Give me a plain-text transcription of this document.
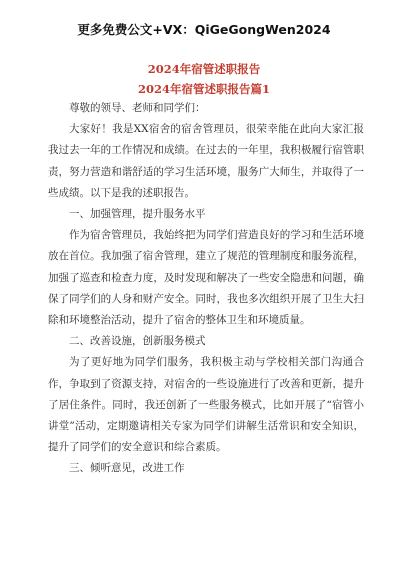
更多免费公文+VX：QiGeGongWen2024
2024年宿管述职报告
2024年宿管述职报告篇1

尊敬的领导、老师和同学们：

大家好！我是XX宿舍的宿舍管理员，很荣幸能在此向大家汇报我过去一年的工作情况和成绩。在过去的一年里，我积极履行宿管职责，努力营造和谐舒适的学习生活环境，服务广大师生，并取得了一些成绩。以下是我的述职报告。

一、加强管理，提升服务水平

作为宿舍管理员，我始终把为同学们营造良好的学习和生活环境放在首位。我加强了宿舍管理，建立了规范的管理制度和服务流程，加强了巡查和检查力度，及时发现和解决了一些安全隐患和问题，确保了同学们的人身和财产安全。同时，我也多次组织开展了卫生大扫除和环境整治活动，提升了宿舍的整体卫生和环境质量。

二、改善设施，创新服务模式

为了更好地为同学们服务，我积极主动与学校相关部门沟通合作，争取到了资源支持，对宿舍的一些设施进行了改善和更新，提升了居住条件。同时，我还创新了一些服务模式，比如开展了“宿管小讲堂”活动，定期邀请相关专家为同学们讲解生活常识和安全知识，提升了同学们的安全意识和综合素质。

三、倾听意见，改进工作
